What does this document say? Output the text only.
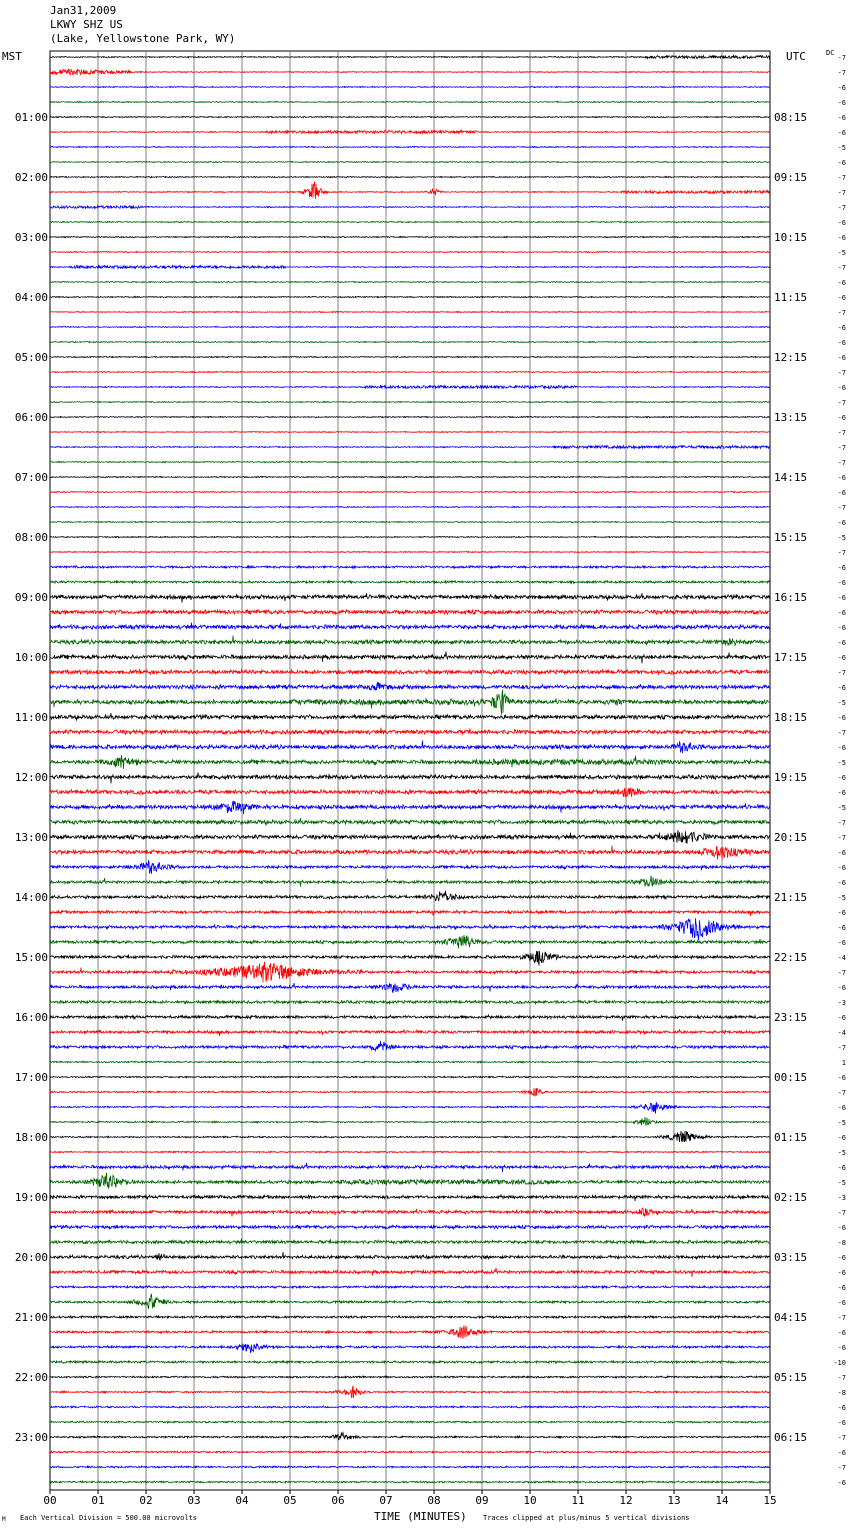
Jan31,2009
LKWY SHZ US
(Lake, Yellowstone Park, WY)
MST	UTC	DC
00	01	02	03	04	05	06	07	08	09	10	11	12	13	14	15
01:00
02:00
03:00
04:00
05:00
06:00
07:00
08:00
09:00
10:00
11:00
12:00
13:00
14:00
15:00
16:00
17:00
18:00
19:00
20:00
21:00
22:00
23:00
08:15
09:15
10:15
11:15
12:15
13:15
14:15
15:15
16:15
17:15
18:15
19:15
20:15
21:15
22:15
23:15
00:15
01:15
02:15
03:15
04:15
05:15
06:15
-7
-7
-6
-6
-6
-6
-5
-6
-7
-7
-7
-6
-6
-5
-7
-6
-6
-7
-6
-6
-6
-7
-6
-7
-6
-7
-7
-7
-6
-6
-7
-6
-5
-7
-6
-6
-6
-6
-6
-6
-6
-7
-6
-5
-6
-7
-6
-5
-6
-6
-5
-7
-7
-6
-6
-6
-5
-6
-6
-6
-4
-7
-6
-3
-6
-4
-7
1
-6
-7
-6
-5
-6
-5
-6
-5
-3
-7
-6
-8
-6
-6
-6
-6
-7
-6
-6
-10
-7
-8
-6
-6
-7
-6
-7
-6
TIME (MINUTES)
Each Vertical Division = 500.00 microvolts	Traces clipped at plus/minus 5 vertical divisions
M
